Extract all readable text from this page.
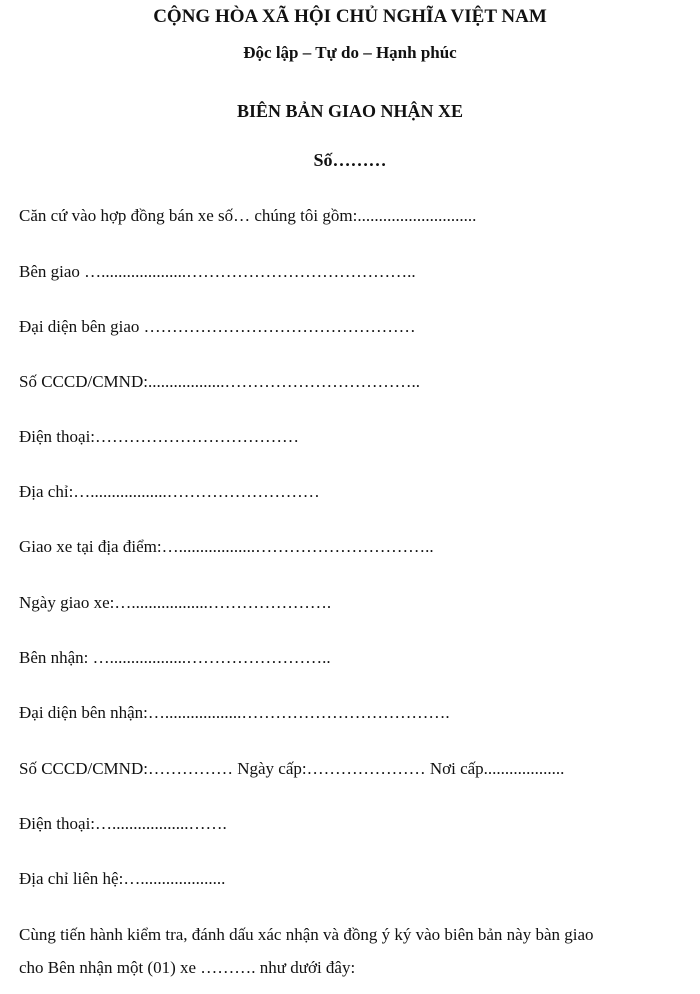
CỘNG HÒA XÃ HỘI CHỦ NGHĨA VIỆT NAM
Độc lập – Tự do – Hạnh phúc
BIÊN BẢN GIAO NHẬN XE
Số………
Căn cứ vào hợp đồng bán xe số… chúng tôi gồm:............................
Bên giao …....................…………………………………..
Đại diện bên giao …………………………………………
Số CCCD/CMND:..................……………………………..
Điện thoại:………………………………
Địa chỉ:…..................………………………
Giao xe tại địa điểm:…..................…………………………..
Ngày giao xe:…..................………………….
Bên nhận: …..................……………………..
Đại diện bên nhận:…..................……………………………….
Số CCCD/CMND:…………… Ngày cấp:………………… Nơi cấp...................
Điện thoại:…..................…….
Địa chỉ liên hệ:…....................
Cùng tiến hành kiểm tra, đánh dấu xác nhận và đồng ý ký vào biên bản này bàn giao
cho Bên nhận một (01) xe ………. như dưới đây:
